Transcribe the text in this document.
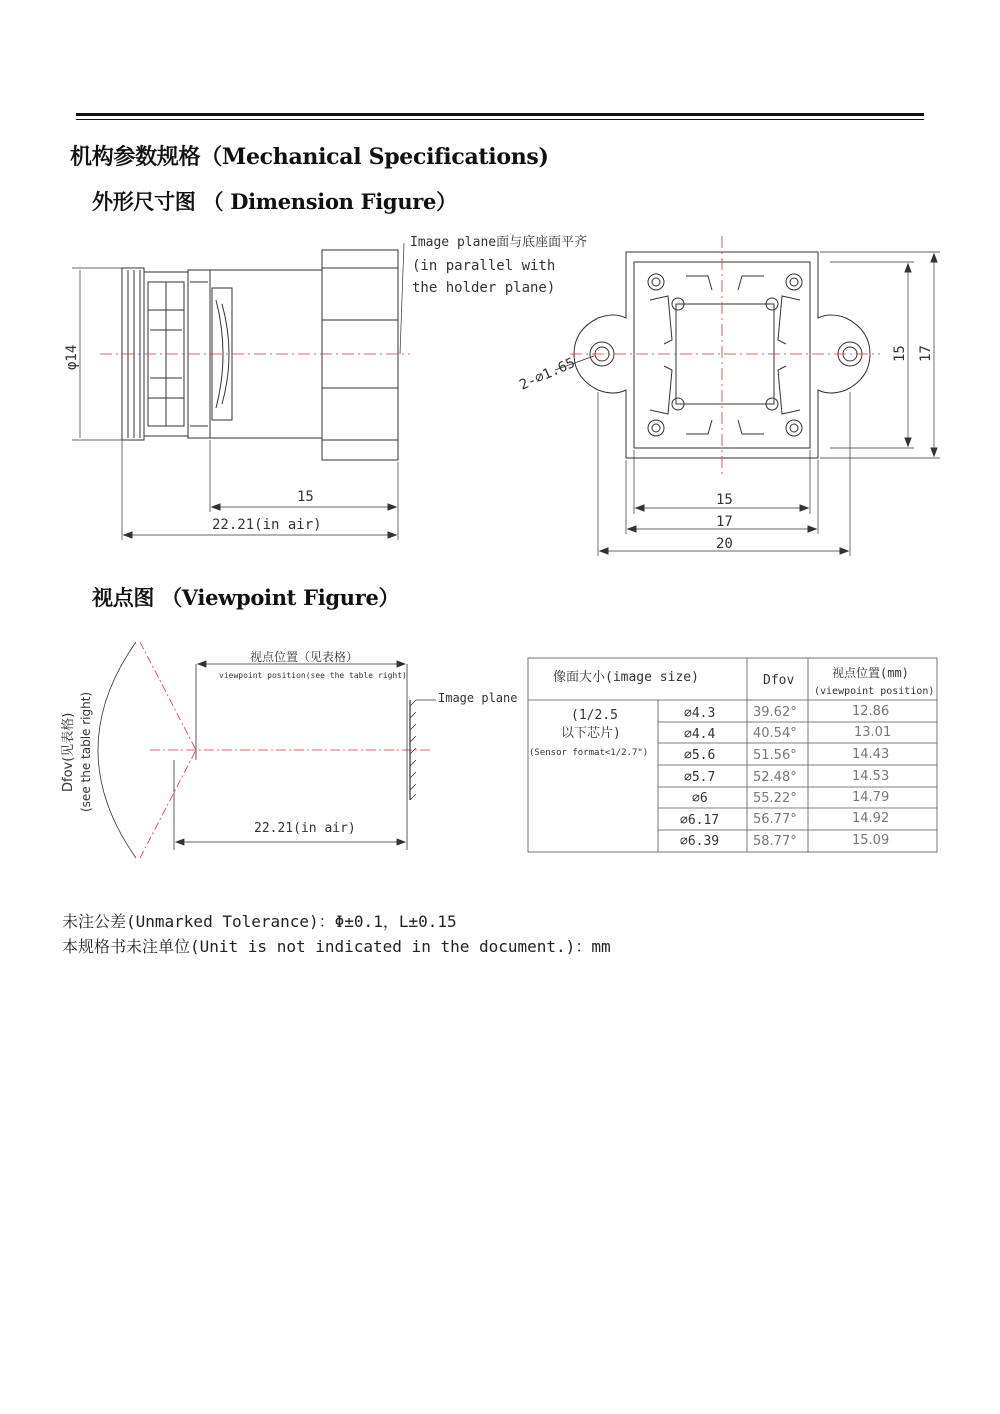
机构参数规格（Mechanical Specifications)
外形尺寸图 （ Dimension Figure）
视点图 （Viewpoint Figure）
Image plane面与底座面平齐
(in parallel with
the holder plane)
φ14
15
22.21(in air)
2-⌀1.65
15
17
20
15 17
视点位置（见表格）
viewpoint position(see the table right)
Image plane
Dfov(见表格) (see the table right)
22.21(in air)
像面大小(image size)	Dfov	视点位置(mm)
(viewpoint position)
(1/2.5
以下芯片)
(Sensor format<1/2.7")
⌀4.3	39.62°	12.86
⌀4.4	40.54°	13.01
⌀5.6	51.56°	14.43
⌀5.7	52.48°	14.53
⌀6	55.22°	14.79
⌀6.17	56.77°	14.92
⌀6.39	58.77°	15.09
未注公差(Unmarked Tolerance)：Φ±0.1，L±0.15
本规格书未注单位(Unit is not indicated in the document.)：mm
